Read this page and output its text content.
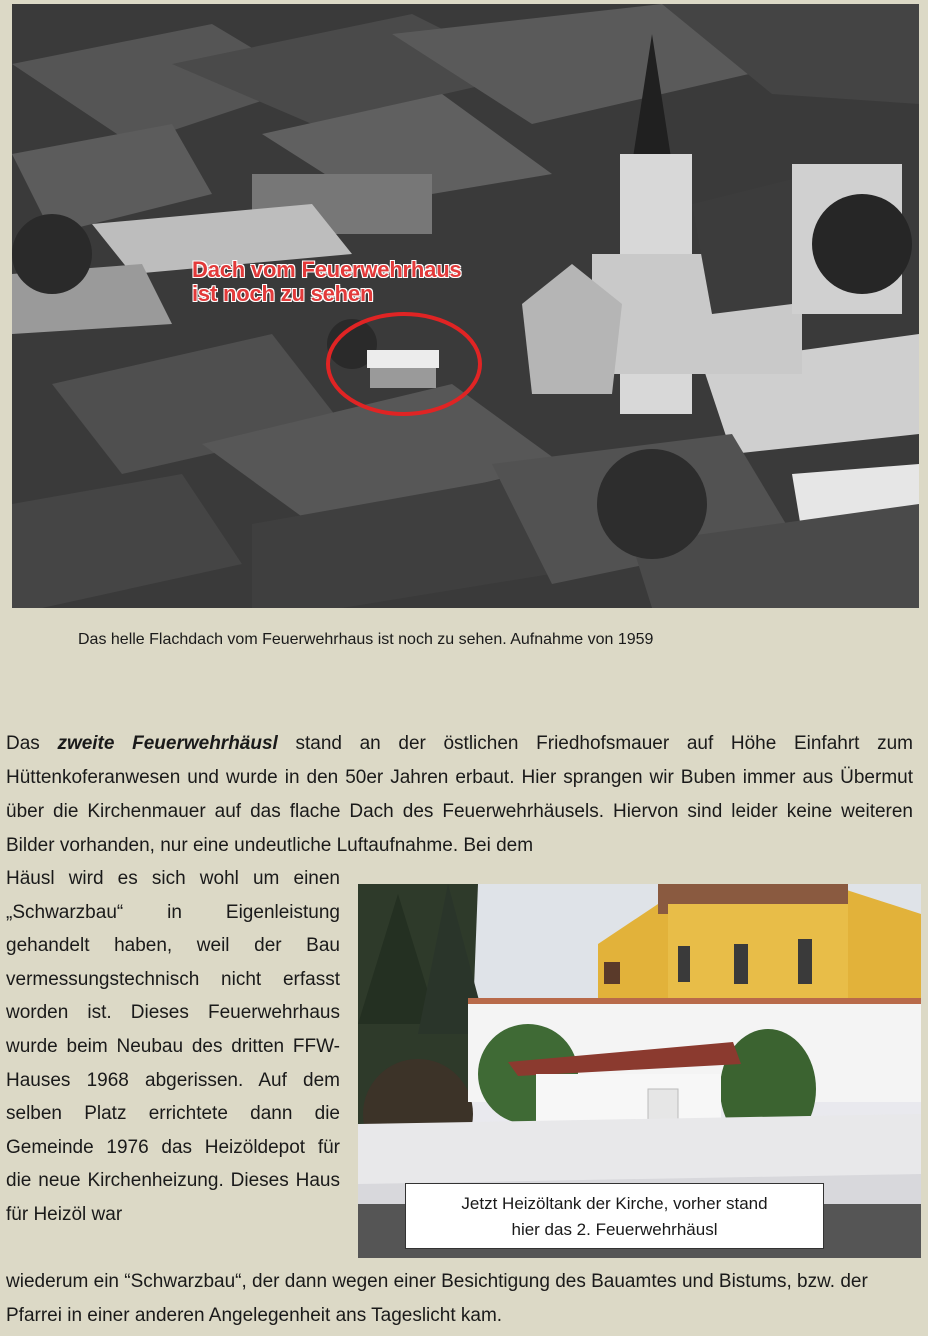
Dach vom Feuerwehrhaus
ist noch zu sehen
Das helle Flachdach vom Feuerwehrhaus ist noch zu sehen. Aufnahme von 1959
Das zweite Feuerwehrhäusl stand an der östlichen Friedhofsmauer auf Höhe Einfahrt zum Hüttenkoferanwesen und wurde in den 50er Jahren erbaut. Hier sprangen wir Buben immer aus Übermut über die Kirchenmauer auf das flache Dach des Feuerwehrhäusels. Hiervon sind leider keine weiteren Bilder vorhanden, nur eine undeutliche Luftaufnahme. Bei dem
Häusl wird es sich wohl um einen „Schwarzbau“ in Eigenleistung gehandelt haben, weil der Bau vermessungstechnisch nicht erfasst worden ist. Dieses Feuerwehrhaus wurde beim Neubau des dritten FFW- Hauses 1968 abgerissen. Auf dem selben Platz errichtete dann die Gemeinde 1976 das Heizöldepot für die neue Kirchenheizung. Dieses Haus für Heizöl war
Jetzt Heizöltank der Kirche, vorher stand
hier das 2. Feuerwehrhäusl
wiederum ein “Schwarzbau“, der dann wegen einer Besichtigung des Bauamtes und Bistums, bzw. der Pfarrei in einer anderen Angelegenheit ans Tageslicht kam.
